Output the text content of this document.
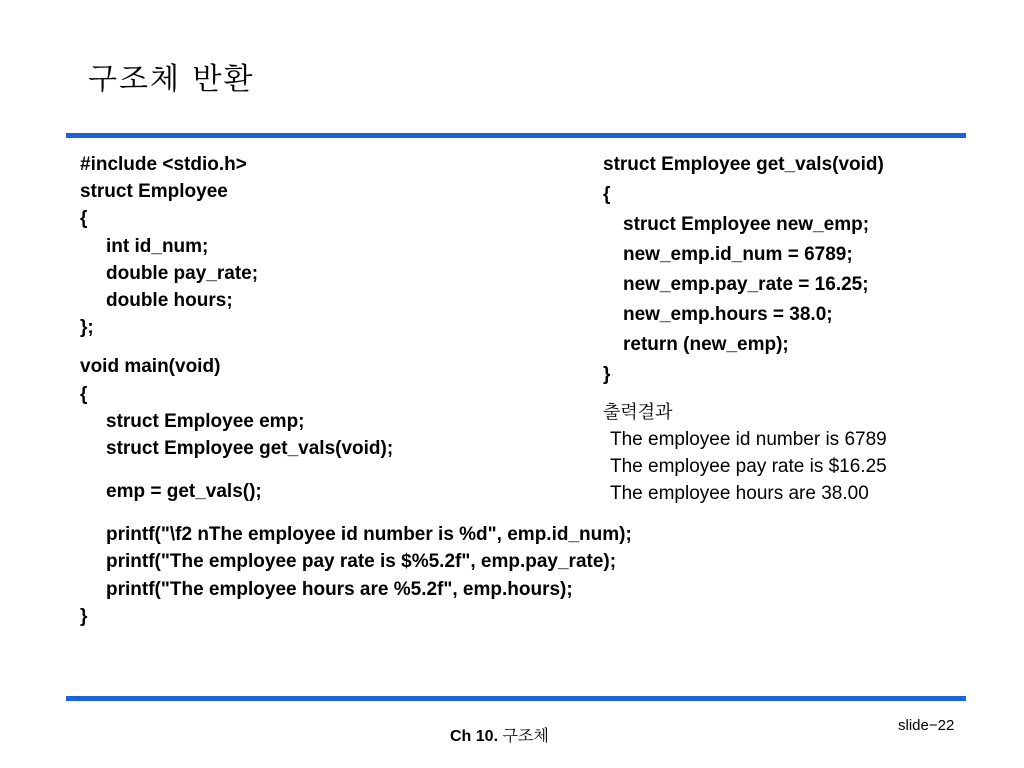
구조체 반환
#include <stdio.h>
struct Employee
{
int id_num;
double pay_rate;
double hours;
};
void main(void)
{
struct Employee emp;
struct Employee get_vals(void);
emp = get_vals();
printf("\f2 nThe employee id number is %d", emp.id_num);
printf("The employee pay rate is $%5.2f", emp.pay_rate);
printf("The employee hours are %5.2f", emp.hours);
}
struct Employee get_vals(void)
{
struct Employee new_emp;
new_emp.id_num = 6789;
new_emp.pay_rate = 16.25;
new_emp.hours = 38.0;
return (new_emp);
}
출력결과
The employee id number is 6789
The employee pay rate is $16.25
The employee hours are 38.00
Ch 10. 구조체
slide−22
